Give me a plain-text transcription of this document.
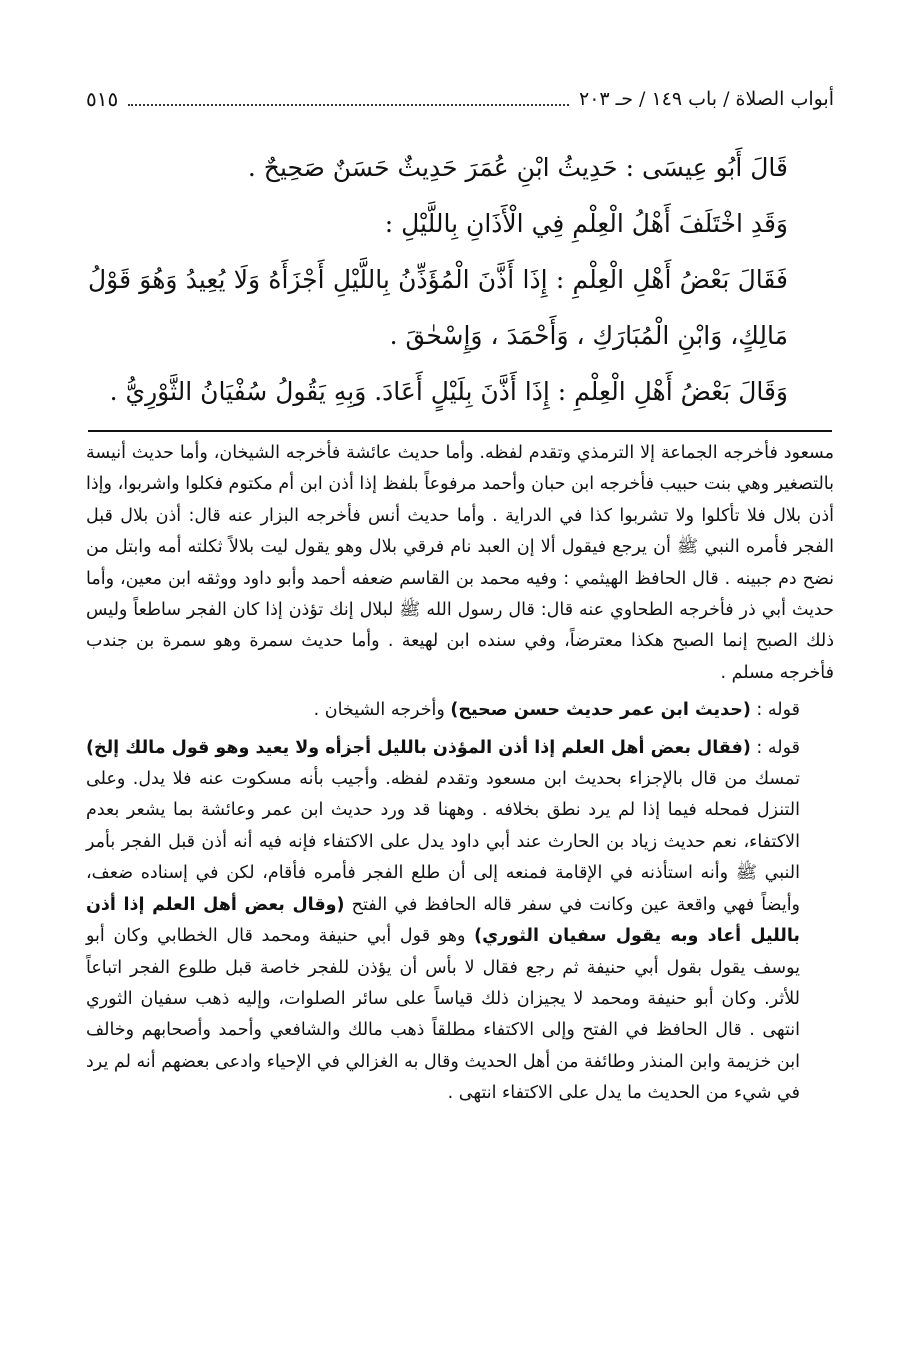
أبواب الصلاة / باب ١٤٩ / حـ ٢٠٣
٥١٥

قَالَ أَبُو عِيسَى : حَدِيثُ ابْنِ عُمَرَ حَدِيثٌ حَسَنٌ صَحِيحٌ .

وَقَدِ اخْتَلَفَ أَهْلُ الْعِلْمِ فِي الْأَذَانِ بِاللَّيْلِ :

فَقَالَ بَعْضُ أَهْلِ الْعِلْمِ : إِذَا أَذَّنَ الْمُؤَذِّنُ بِاللَّيْلِ أَجْزَأَهُ وَلَا يُعِيدُ وَهُوَ قَوْلُ مَالِكٍ، وَابْنِ الْمُبَارَكِ ، وَأَحْمَدَ ، وَإِسْحٰقَ .

وَقَالَ بَعْضُ أَهْلِ الْعِلْمِ : إِذَا أَذَّنَ بِلَيْلٍ أَعَادَ. وَبِهِ يَقُولُ سُفْيَانُ الثَّوْرِيُّ .

مسعود فأخرجه الجماعة إلا الترمذي وتقدم لفظه. وأما حديث عائشة فأخرجه الشيخان، وأما حديث أنيسة بالتصغير وهي بنت حبيب فأخرجه ابن حبان وأحمد مرفوعاً بلفظ إذا أذن ابن أم مكتوم فكلوا واشربوا، وإذا أذن بلال فلا تأكلوا ولا تشربوا كذا في الدراية . وأما حديث أنس فأخرجه البزار عنه قال: أذن بلال قبل الفجر فأمره النبي ﷺ أن يرجع فيقول ألا إن العبد نام فرقي بلال وهو يقول ليت بلالاً ثكلته أمه وابتل من نضح دم جبينه . قال الحافظ الهيثمي : وفيه محمد بن القاسم ضعفه أحمد وأبو داود ووثقه ابن معين، وأما حديث أبي ذر فأخرجه الطحاوي عنه قال: قال رسول الله ﷺ لبلال إنك تؤذن إذا كان الفجر ساطعاً وليس ذلك الصبح إنما الصبح هكذا معترضاً، وفي سنده ابن لهيعة . وأما حديث سمرة وهو سمرة بن جندب فأخرجه مسلم .

قوله : (حديث ابن عمر حديث حسن صحيح) وأخرجه الشيخان .

قوله : (فقال بعض أهل العلم إذا أذن المؤذن بالليل أجزأه ولا يعيد وهو قول مالك إلخ) تمسك من قال بالإجزاء بحديث ابن مسعود وتقدم لفظه. وأجيب بأنه مسكوت عنه فلا يدل. وعلى التنزل فمحله فيما إذا لم يرد نطق بخلافه . وههنا قد ورد حديث ابن عمر وعائشة بما يشعر بعدم الاكتفاء، نعم حديث زياد بن الحارث عند أبي داود يدل على الاكتفاء فإنه فيه أنه أذن قبل الفجر بأمر النبي ﷺ وأنه استأذنه في الإقامة فمنعه إلى أن طلع الفجر فأمره فأقام، لكن في إسناده ضعف، وأيضاً فهي واقعة عين وكانت في سفر قاله الحافظ في الفتح (وقال بعض أهل العلم إذا أذن بالليل أعاد وبه يقول سفيان الثوري) وهو قول أبي حنيفة ومحمد قال الخطابي وكان أبو يوسف يقول بقول أبي حنيفة ثم رجع فقال لا بأس أن يؤذن للفجر خاصة قبل طلوع الفجر اتباعاً للأثر. وكان أبو حنيفة ومحمد لا يجيزان ذلك قياساً على سائر الصلوات، وإليه ذهب سفيان الثوري انتهى . قال الحافظ في الفتح وإلى الاكتفاء مطلقاً ذهب مالك والشافعي وأحمد وأصحابهم وخالف ابن خزيمة وابن المنذر وطائفة من أهل الحديث وقال به الغزالي في الإحياء وادعى بعضهم أنه لم يرد في شيء من الحديث ما يدل على الاكتفاء انتهى .
